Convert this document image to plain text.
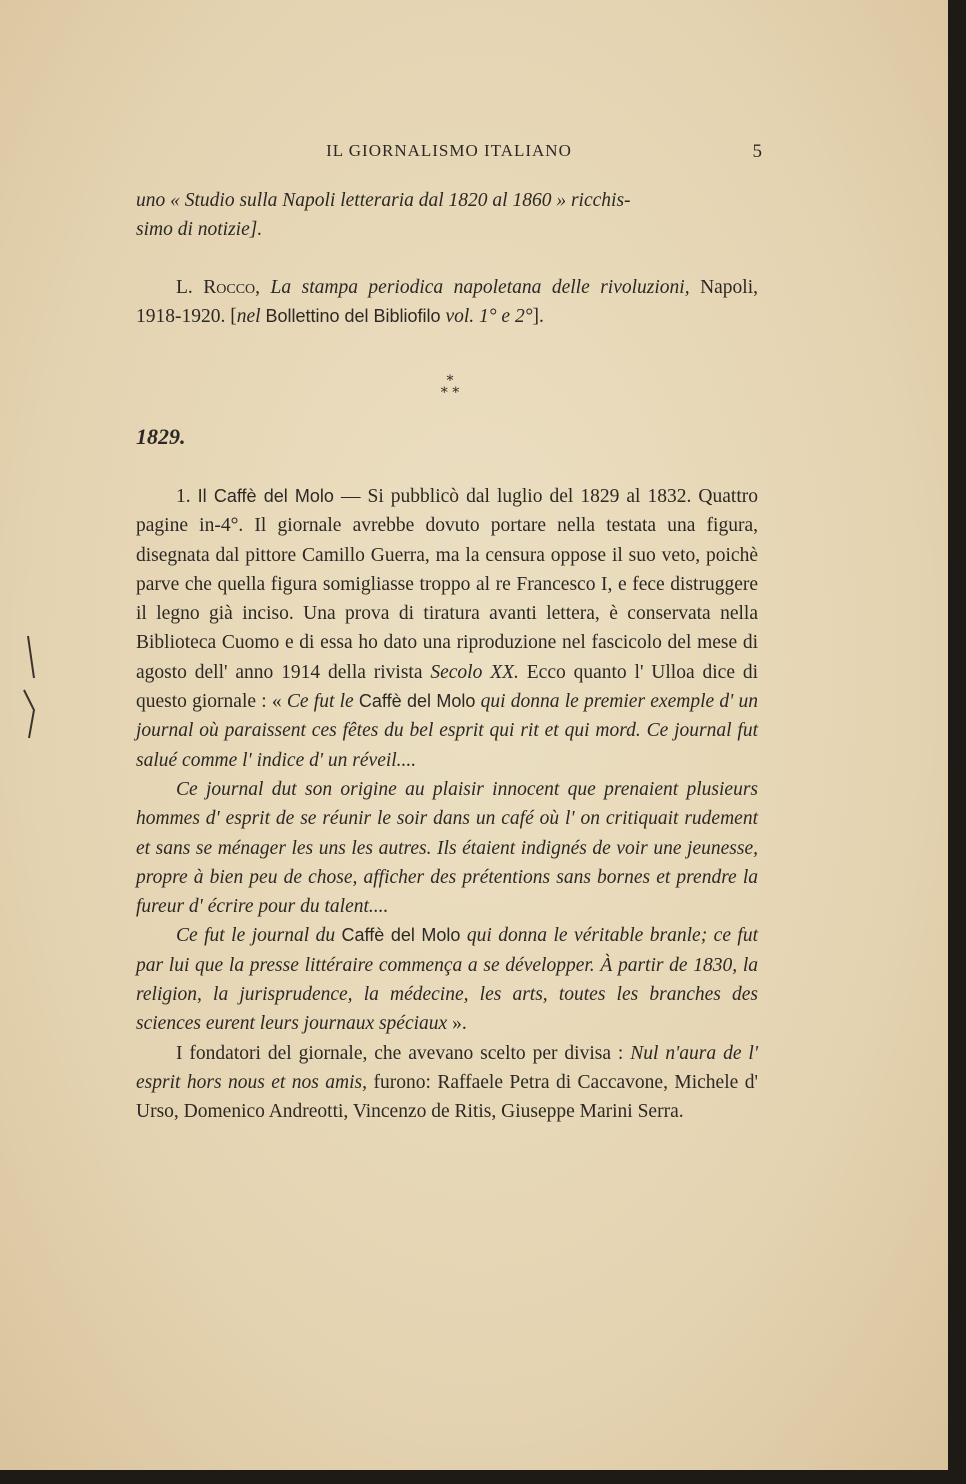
IL GIORNALISMO ITALIANO	5

uno « Studio sulla Napoli letteraria dal 1820 al 1860 » ricchis-
simo di notizie].

L. Rocco, La stampa periodica napoletana delle rivoluzioni, Napoli, 1918-1920. [nel Bollettino del Bibliofilo vol. 1° e 2°].

*
* *
1829.

1. Il Caffè del Molo — Si pubblicò dal luglio del 1829 al 1832. Quattro pagine in-4°. Il giornale avrebbe dovuto portare nella testata una figura, disegnata dal pittore Camillo Guerra, ma la censura oppose il suo veto, poichè parve che quella figura somigliasse troppo al re Francesco I, e fece distruggere il legno già inciso. Una prova di tiratura avanti lettera, è conservata nella Biblioteca Cuomo e di essa ho dato una riproduzione nel fascicolo del mese di agosto dell' anno 1914 della rivista Secolo XX. Ecco quanto l' Ulloa dice di questo giornale : « Ce fut le Caffè del Molo qui donna le premier exemple d' un journal où paraissent ces fêtes du bel esprit qui rit et qui mord. Ce journal fut salué comme l' indice d' un réveil....

Ce journal dut son origine au plaisir innocent que prenaient plusieurs hommes d' esprit de se réunir le soir dans un café où l' on critiquait rudement et sans se ménager les uns les autres. Ils étaient indignés de voir une jeunesse, propre à bien peu de chose, afficher des prétentions sans bornes et prendre la fureur d' écrire pour du talent....

Ce fut le journal du Caffè del Molo qui donna le véritable branle; ce fut par lui que la presse littéraire commença a se développer. À partir de 1830, la religion, la jurisprudence, la médecine, les arts, toutes les branches des sciences eurent leurs journaux spéciaux ».

I fondatori del giornale, che avevano scelto per divisa : Nul n'aura de l' esprit hors nous et nos amis, furono: Raffaele Petra di Caccavone, Michele d' Urso, Domenico Andreotti, Vincenzo de Ritis, Giuseppe Marini Serra.
